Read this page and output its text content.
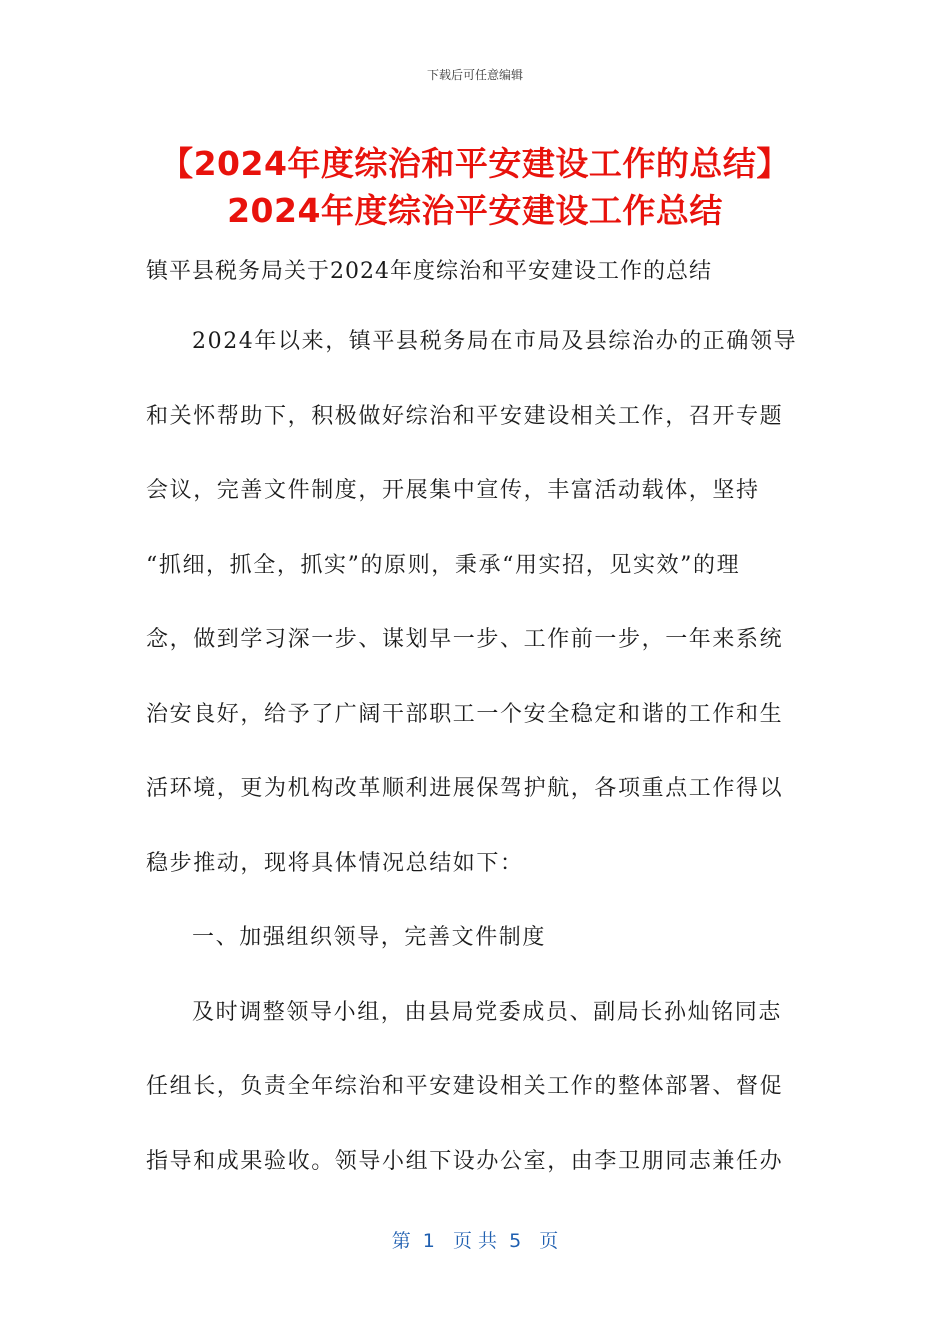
下载后可任意编辑
【2024年度综治和平安建设工作的总结】
2024年度综治平安建设工作总结
镇平县税务局关于2024年度综治和平安建设工作的总结
2024年以来，镇平县税务局在市局及县综治办的正确领导
和关怀帮助下，积极做好综治和平安建设相关工作，召开专题
会议，完善文件制度，开展集中宣传，丰富活动载体，坚持
“抓细，抓全，抓实”的原则，秉承“用实招，见实效”的理
念，做到学习深一步、谋划早一步、工作前一步，一年来系统
治安良好，给予了广阔干部职工一个安全稳定和谐的工作和生
活环境，更为机构改革顺利进展保驾护航，各项重点工作得以
稳步推动，现将具体情况总结如下：
一、加强组织领导，完善文件制度
及时调整领导小组，由县局党委成员、副局长孙灿铭同志
任组长，负责全年综治和平安建设相关工作的整体部署、督促
指导和成果验收。领导小组下设办公室，由李卫朋同志兼任办
第  1   页 共  5   页
